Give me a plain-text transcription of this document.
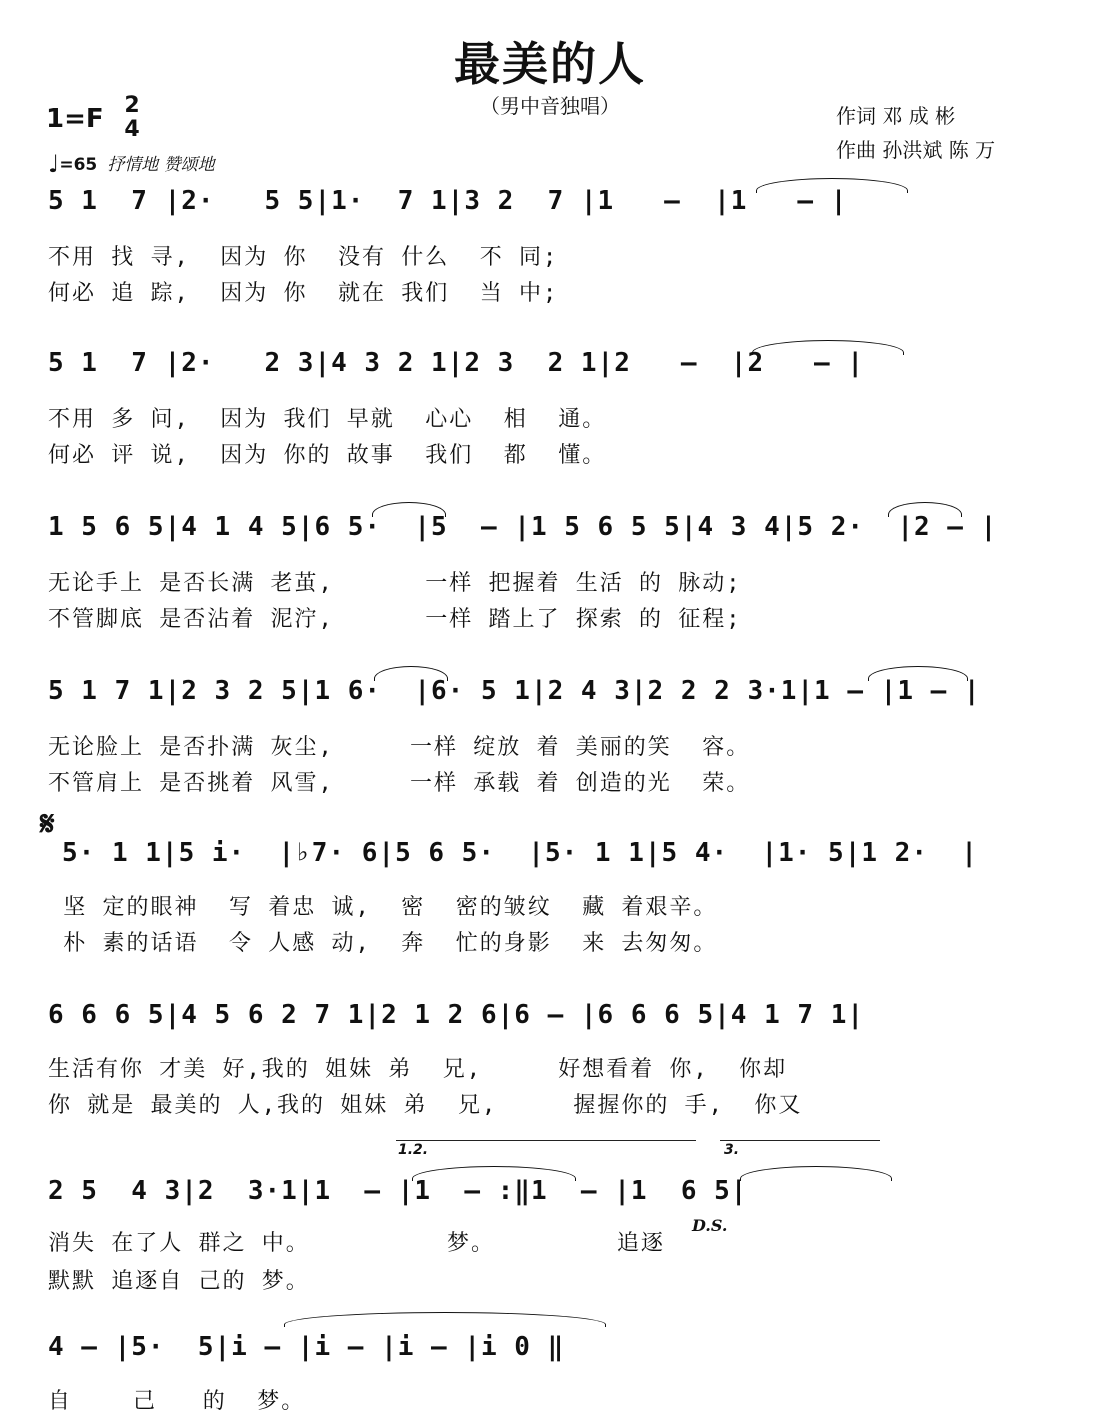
最美的人
（男中音独唱）	作词 邓 成 彬
作曲 孙洪斌 陈 万
1=F 2
4
♩=65 抒情地 赞颂地
5 1  7 |2·   5 5|1·  7 1|3 2  7 |1   –  |1   – |
不用 找 寻,  因为 你  没有 什么  不 同;
何必 追 踪,  因为 你  就在 我们  当 中;
5 1  7 |2·   2 3|4 3 2 1|2 3  2 1|2   –  |2   – |
不用 多 问,  因为 我们 早就  心心  相  通。
何必 评 说,  因为 你的 故事  我们  都  懂。
1 5 6 5|4 1 4 5|6 5·  |5  – |1 5 6 5 5|4 3 4|5 2·  |2 – |
无论手上 是否长满 老茧,      一样 把握着 生活 的 脉动;
不管脚底 是否沾着 泥泞,      一样 踏上了 探索 的 征程;
5 1 7 1|2 3 2 5|1 6·  |6· 5 1|2 4 3|2 2 2 3·1|1 – |1 – |
无论脸上 是否扑满 灰尘,     一样 绽放 着 美丽的笑  容。
不管肩上 是否挑着 风雪,     一样 承载 着 创造的光  荣。
𝄋
5· 1 1|5 i·  |♭7· 6|5 6 5·  |5· 1 1|5 4·  |1· 5|1 2·  |
坚 定的眼神  写 着忠 诚,  密  密的皱纹  藏 着艰辛。
朴 素的话语  令 人感 动,  奔  忙的身影  来 去匆匆。
6 6 6 5|4 5 6 2 7 1|2 1 2 6|6 – |6 6 6 5|4 1 7 1|
生活有你 才美 好,我的 姐妹 弟  兄,     好想看着 你,  你却
你 就是 最美的 人,我的 姐妹 弟  兄,     握握你的 手,  你又
1.2.	3.
2 5  4 3|2  3·1|1  – |1  – :‖1  – |1  6 5|
D.S.
消失 在了人 群之 中。         梦。        追逐
默默 追逐自 己的 梦。
4 – |5·  5|i – |i – |i – |i 0 ‖
自    己   的  梦。
